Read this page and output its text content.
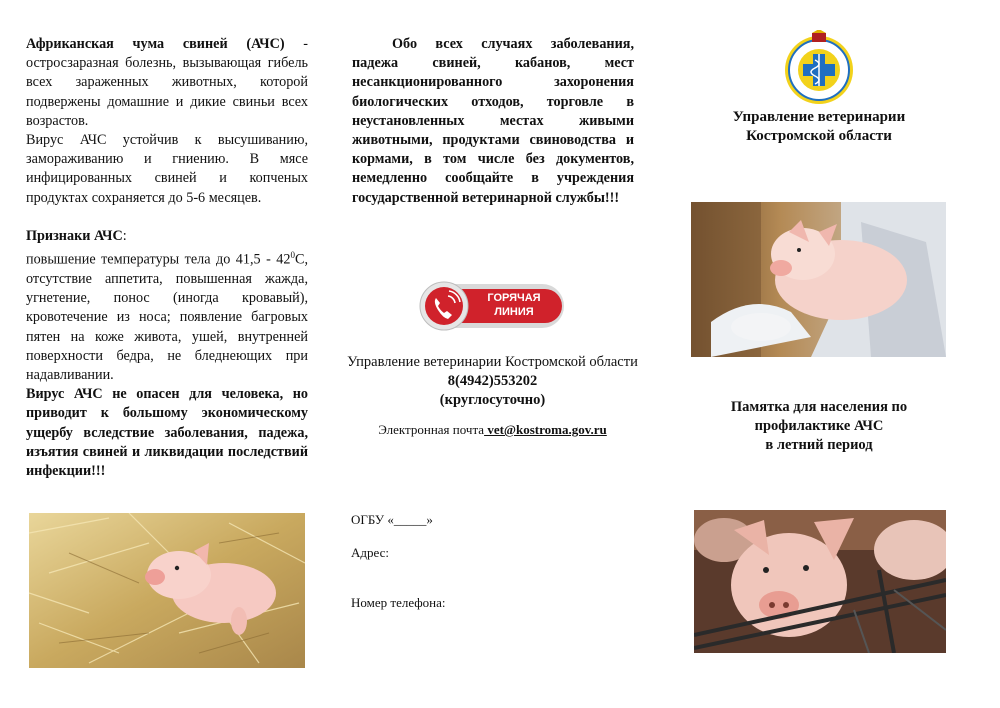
Африканская чума свиней (АЧС) - остросзаразная болезнь, вызывающая гибель всех зараженных животных, которой подвержены домашние и дикие свиньи всех возрастов.

Вирус АЧС устойчив к высушиванию, замораживанию и гниению. В мясе инфицированных свиней и копченых продуктах сохраняется до 5-6 месяцев.

Признаки АЧС:

повышение температуры тела до $41,5 - 42^0С$, отсутствие аппетита, повышенная жажда, угнетение, понос (иногда кровавый), кровотечение из носа; появление багровых пятен на коже живота, ушей, внутренней поверхности бедра, не бледнеющих при надавливании.

Вирус АЧС не опасен для человека, но приводит к большому экономическому ущербу вследствие заболевания, падежа, изъятия свиней и ликвидации последствий инфекции!!!

Обо всех случаях заболевания, падежа свиней, кабанов, мест несанкционированного захоронения биологических отходов, торговле в неустановленных местах живыми животными, продуктами свиноводства и кормами, в том числе без документов, немедленно сообщайте в учреждения государственной ветеринарной службы!!!

ГОРЯЧАЯ
ЛИНИЯ
Управление ветеринарии Костромской области
8(4942)553202
(круглосуточно)
Электронная почта vet@kostroma.gov.ru
ОГБУ «_____»
Адрес:
Номер телефона:
Управление ветеринарии
Костромской области
Памятка для населения по
профилактике АЧС
в летний период
